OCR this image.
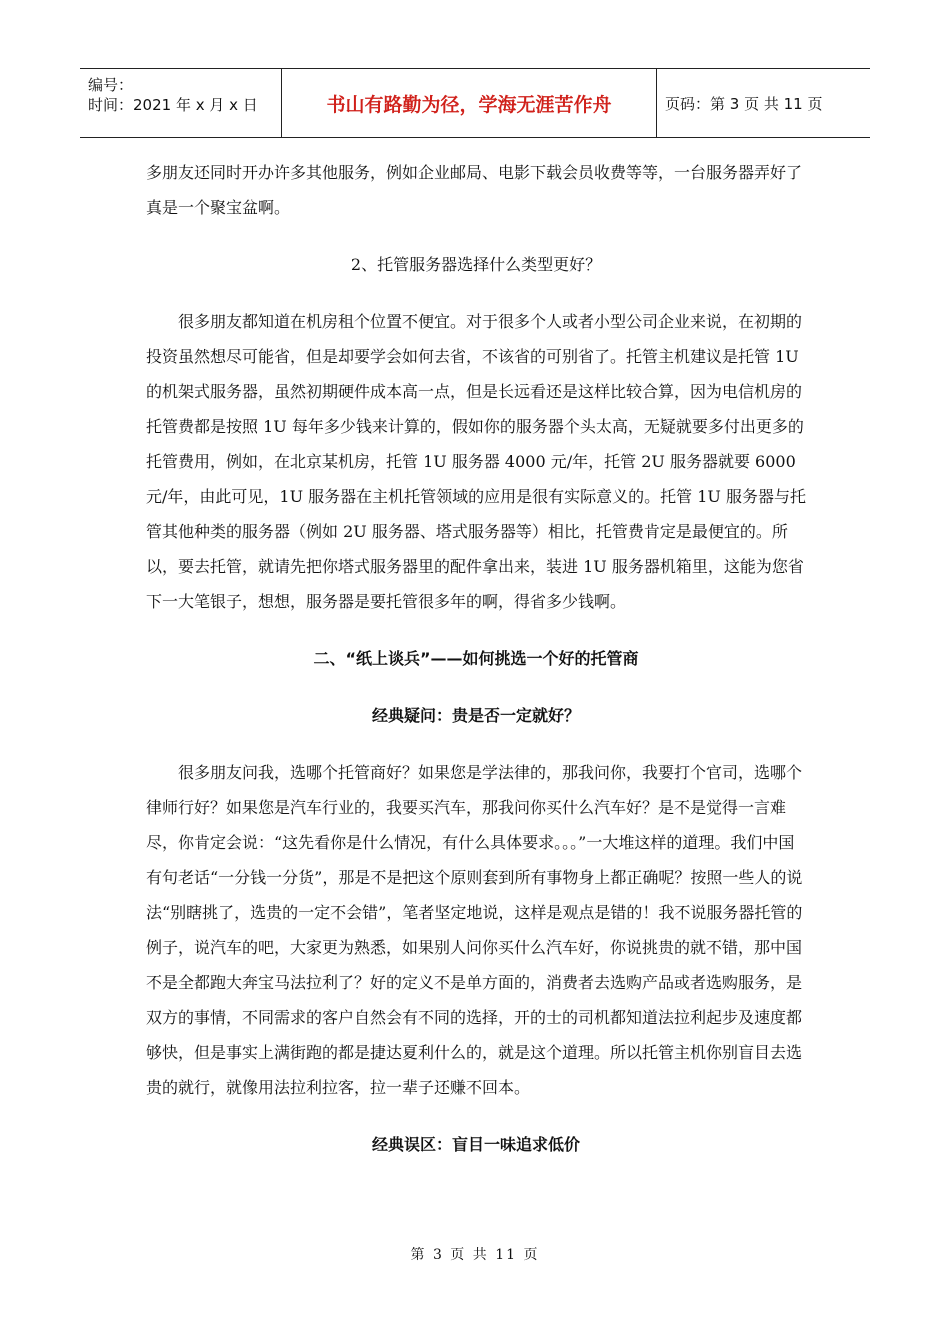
编号：
时间：2021 年 x 月 x 日	书山有路勤为径，学海无涯苦作舟	页码：第 3 页 共 11 页

多朋友还同时开办许多其他服务，例如企业邮局、电影下载会员收费等等，一台服务器弄好了真是一个聚宝盆啊。

2、托管服务器选择什么类型更好？

很多朋友都知道在机房租个位置不便宜。对于很多个人或者小型公司企业来说，在初期的投资虽然想尽可能省，但是却要学会如何去省，不该省的可别省了。托管主机建议是托管 1U 的机架式服务器，虽然初期硬件成本高一点，但是长远看还是这样比较合算，因为电信机房的托管费都是按照 1U 每年多少钱来计算的，假如你的服务器个头太高，无疑就要多付出更多的托管费用，例如，在北京某机房，托管 1U 服务器 4000 元/年，托管 2U 服务器就要 6000 元/年，由此可见，1U 服务器在主机托管领域的应用是很有实际意义的。托管 1U 服务器与托管其他种类的服务器（例如 2U 服务器、塔式服务器等）相比，托管费肯定是最便宜的。所以，要去托管，就请先把你塔式服务器里的配件拿出来，装进 1U 服务器机箱里，这能为您省下一大笔银子，想想，服务器是要托管很多年的啊，得省多少钱啊。

二、“纸上谈兵”——如何挑选一个好的托管商

经典疑问：贵是否一定就好？

很多朋友问我，选哪个托管商好？如果您是学法律的，那我问你，我要打个官司，选哪个律师行好？如果您是汽车行业的，我要买汽车，那我问你买什么汽车好？是不是觉得一言难尽，你肯定会说：“这先看你是什么情况，有什么具体要求。。。”一大堆这样的道理。我们中国有句老话“一分钱一分货”，那是不是把这个原则套到所有事物身上都正确呢？按照一些人的说法“别瞎挑了，选贵的一定不会错”，笔者坚定地说，这样是观点是错的！我不说服务器托管的例子，说汽车的吧，大家更为熟悉，如果别人问你买什么汽车好，你说挑贵的就不错，那中国不是全都跑大奔宝马法拉利了？好的定义不是单方面的，消费者去选购产品或者选购服务，是双方的事情，不同需求的客户自然会有不同的选择，开的士的司机都知道法拉利起步及速度都够快，但是事实上满街跑的都是捷达夏利什么的，就是这个道理。所以托管主机你别盲目去选贵的就行，就像用法拉利拉客，拉一辈子还赚不回本。

经典误区：盲目一味追求低价

第 3 页 共 11 页
